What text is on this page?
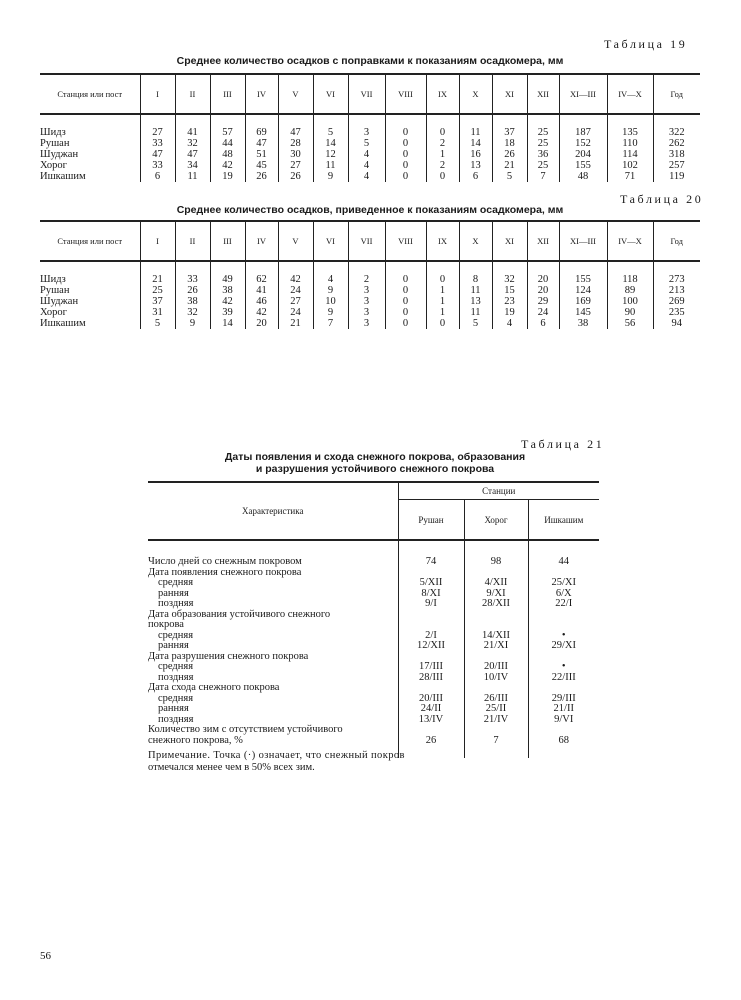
Таблица 19
Среднее количество осадков с поправками к показаниям осадкомера, мм
Станция или пост	I	II	III	IV	V	VI	VII	VIII	IX	X	XI	XII	XI—III	IV—X	Год
Шидз	27	41	57	69	47	5	3	0	0	11	37	25	187	135	322
Рушан	33	32	44	47	28	14	5	0	2	14	18	25	152	110	262
Шуджан	47	47	48	51	30	12	4	0	1	16	26	36	204	114	318
Хорог	33	34	42	45	27	11	4	0	2	13	21	25	155	102	257
Ишкашим	6	11	19	26	26	9	4	0	0	6	5	7	48	71	119
Таблица 20
Среднее количество осадков, приведенное к показаниям осадкомера, мм
Станция или пост	I	II	III	IV	V	VI	VII	VIII	IX	X	XI	XII	XI—III	IV—X	Год
Шидз	21	33	49	62	42	4	2	0	0	8	32	20	155	118	273
Рушан	25	26	38	41	24	9	3	0	1	11	15	20	124	89	213
Шуджан	37	38	42	46	27	10	3	0	1	13	23	29	169	100	269
Хорог	31	32	39	42	24	9	3	0	1	11	19	24	145	90	235
Ишкашим	5	9	14	20	21	7	3	0	0	5	4	6	38	56	94
Таблица 21
Даты появления и схода снежного покрова, образования
и разрушения устойчивого снежного покрова
Характеристика	Станции		
	Рушан	Хорог	Ишкашим
Число дней со снежным покровом	74	98	44
Дата появления снежного покрова			
средняя	5/XII	4/XII	25/XI
ранняя	8/XI	9/XI	6/X
поздняя	9/I	28/XII	22/I
Дата образования устойчивого снежного			
покрова			
средняя	2/I	14/XII	•
ранняя	12/XII	21/XI	29/XI
Дата разрушения снежного покрова			
средняя	17/III	20/III	•
поздняя	28/III	10/IV	22/III
Дата схода снежного покрова			
средняя	20/III	26/III	29/III
ранняя	24/II	25/II	21/II
поздняя	13/IV	21/IV	9/VI
Количество зим с отсутствием устойчивого			
снежного покрова, %	26	7	68
Примечание. Точка (·) означает, что снежный покров
отмечался менее чем в 50% всех зим.
56
